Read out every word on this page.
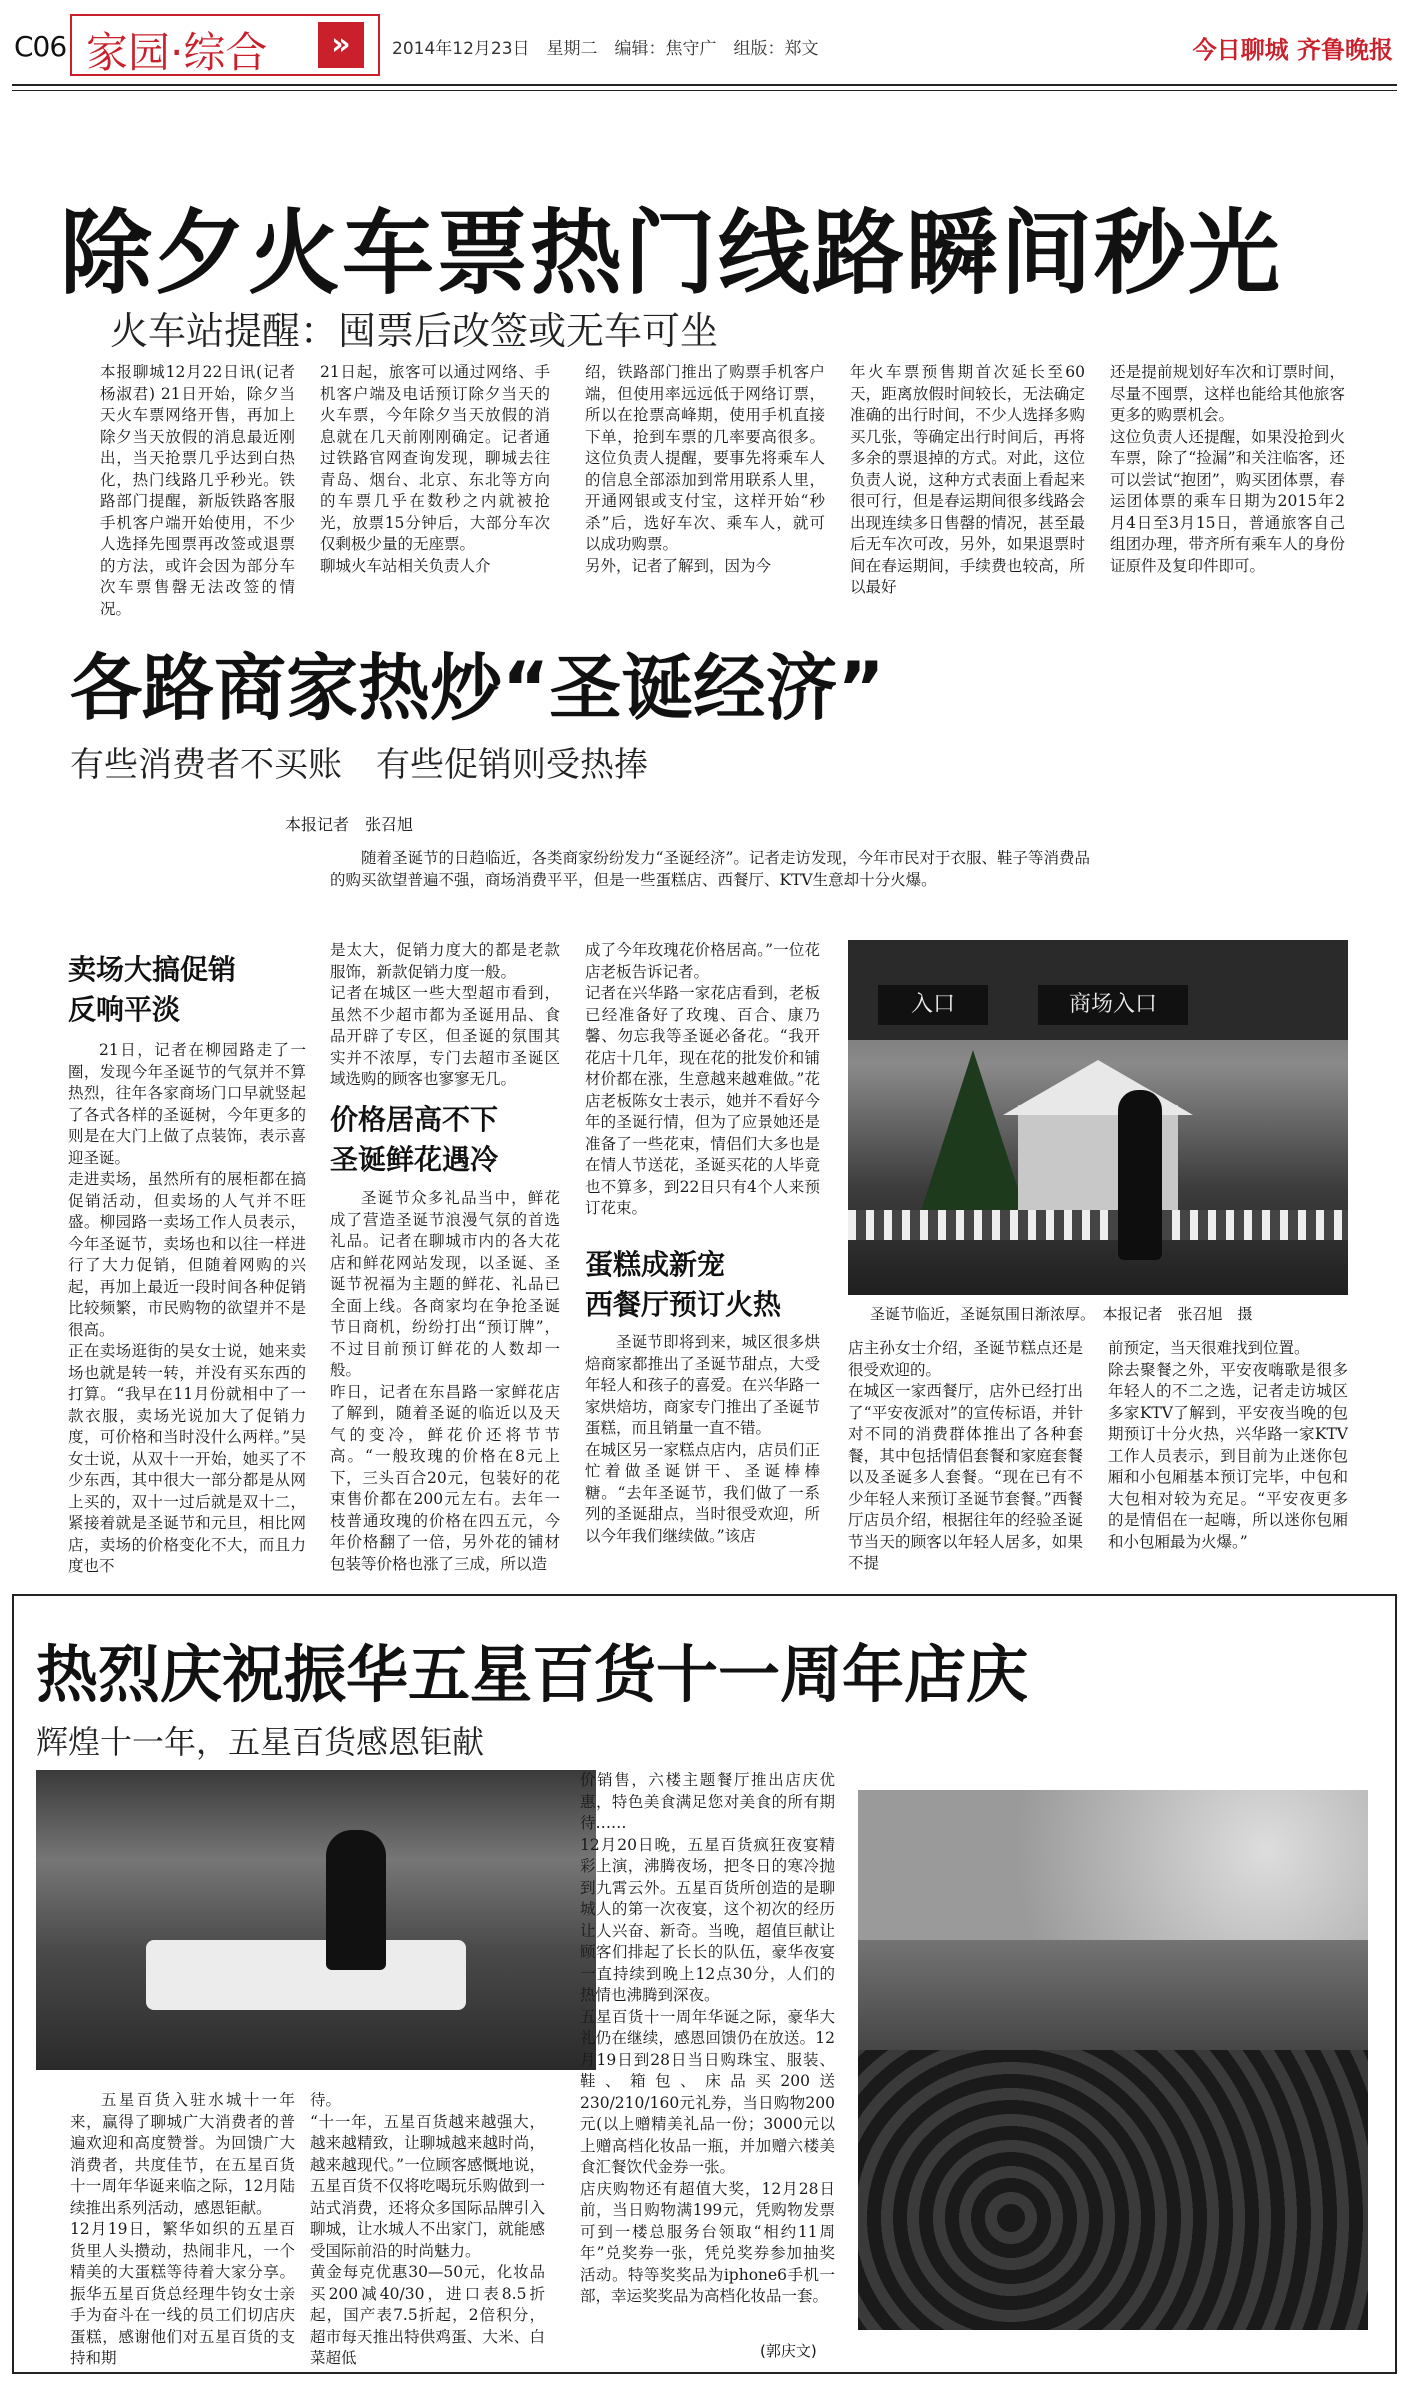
C06 家园·综合	»	2014年12月23日　星期二　编辑：焦守广　组版：郑文	今日聊城 齐鲁晚报
除夕火车票热门线路瞬间秒光
火车站提醒：囤票后改签或无车可坐
本报聊城12月22日讯(记者 杨淑君) 21日开始，除夕当天火车票网络开售，再加上除夕当天放假的消息最近刚出，当天抢票几乎达到白热化，热门线路几乎秒光。铁路部门提醒，新版铁路客服手机客户端开始使用，不少人选择先囤票再改签或退票的方法，或许会因为部分车次车票售罄无法改签的情况。
21日起，旅客可以通过网络、手机客户端及电话预订除夕当天的火车票，今年除夕当天放假的消息就在几天前刚刚确定。记者通过铁路官网查询发现，聊城去往青岛、烟台、北京、东北等方向的车票几乎在数秒之内就被抢光，放票15分钟后，大部分车次仅剩极少量的无座票。
聊城火车站相关负责人介
绍，铁路部门推出了购票手机客户端，但使用率远远低于网络订票，所以在抢票高峰期，使用手机直接下单，抢到车票的几率要高很多。这位负责人提醒，要事先将乘车人的信息全部添加到常用联系人里，开通网银或支付宝，这样开始“秒杀”后，选好车次、乘车人，就可以成功购票。
另外，记者了解到，因为今
年火车票预售期首次延长至60天，距离放假时间较长，无法确定准确的出行时间，不少人选择多购买几张，等确定出行时间后，再将多余的票退掉的方式。对此，这位负责人说，这种方式表面上看起来很可行，但是春运期间很多线路会出现连续多日售罄的情况，甚至最后无车次可改，另外，如果退票时间在春运期间，手续费也较高，所以最好
还是提前规划好车次和订票时间，尽量不囤票，这样也能给其他旅客更多的购票机会。
这位负责人还提醒，如果没抢到火车票，除了“捡漏”和关注临客，还可以尝试“抱团”，购买团体票，春运团体票的乘车日期为2015年2月4日至3月15日，普通旅客自己组团办理，带齐所有乘车人的身份证原件及复印件即可。
各路商家热炒“圣诞经济”
有些消费者不买账　有些促销则受热捧
本报记者　张召旭
随着圣诞节的日趋临近，各类商家纷纷发力“圣诞经济”。记者走访发现，今年市民对于衣服、鞋子等消费品的购买欲望普遍不强，商场消费平平，但是一些蛋糕店、西餐厅、KTV生意却十分火爆。
卖场大搞促销
反响平淡
21日，记者在柳园路走了一圈，发现今年圣诞节的气氛并不算热烈，往年各家商场门口早就竖起了各式各样的圣诞树，今年更多的则是在大门上做了点装饰，表示喜迎圣诞。
走进卖场，虽然所有的展柜都在搞促销活动，但卖场的人气并不旺盛。柳园路一卖场工作人员表示，今年圣诞节，卖场也和以往一样进行了大力促销，但随着网购的兴起，再加上最近一段时间各种促销比较频繁，市民购物的欲望并不是很高。
正在卖场逛街的吴女士说，她来卖场也就是转一转，并没有买东西的打算。“我早在11月份就相中了一款衣服，卖场光说加大了促销力度，可价格和当时没什么两样。”吴女士说，从双十一开始，她买了不少东西，其中很大一部分都是从网上买的，双十一过后就是双十二，紧接着就是圣诞节和元旦，相比网店，卖场的价格变化不大，而且力度也不
是太大，促销力度大的都是老款服饰，新款促销力度一般。
记者在城区一些大型超市看到，虽然不少超市都为圣诞用品、食品开辟了专区，但圣诞的氛围其实并不浓厚，专门去超市圣诞区域选购的顾客也寥寥无几。
价格居高不下
圣诞鲜花遇冷
圣诞节众多礼品当中，鲜花成了营造圣诞节浪漫气氛的首选礼品。记者在聊城市内的各大花店和鲜花网站发现，以圣诞、圣诞节祝福为主题的鲜花、礼品已全面上线。各商家均在争抢圣诞节日商机，纷纷打出“预订牌”，不过目前预订鲜花的人数却一般。
昨日，记者在东昌路一家鲜花店了解到，随着圣诞的临近以及天气的变冷，鲜花价还将节节高。“一般玫瑰的价格在8元上下，三头百合20元，包装好的花束售价都在200元左右。去年一枝普通玫瑰的价格在四五元，今年价格翻了一倍，另外花的铺材包装等价格也涨了三成，所以造
成了今年玫瑰花价格居高。”一位花店老板告诉记者。
记者在兴华路一家花店看到，老板已经准备好了玫瑰、百合、康乃馨、勿忘我等圣诞必备花。“我开花店十几年，现在花的批发价和铺材价都在涨，生意越来越难做。”花店老板陈女士表示，她并不看好今年的圣诞行情，但为了应景她还是准备了一些花束，情侣们大多也是在情人节送花，圣诞买花的人毕竟也不算多，到22日只有4个人来预订花束。
蛋糕成新宠
西餐厅预订火热
圣诞节即将到来，城区很多烘焙商家都推出了圣诞节甜点，大受年轻人和孩子的喜爱。在兴华路一家烘焙坊，商家专门推出了圣诞节蛋糕，而且销量一直不错。
在城区另一家糕点店内，店员们正忙着做圣诞饼干、圣诞棒棒糖。“去年圣诞节，我们做了一系列的圣诞甜点，当时很受欢迎，所以今年我们继续做。”该店
入口	商场入口
圣诞节临近，圣诞氛围日渐浓厚。　本报记者　张召旭　摄
店主孙女士介绍，圣诞节糕点还是很受欢迎的。
在城区一家西餐厅，店外已经打出了“平安夜派对”的宣传标语，并针对不同的消费群体推出了各种套餐，其中包括情侣套餐和家庭套餐以及圣诞多人套餐。“现在已有不少年轻人来预订圣诞节套餐。”西餐厅店员介绍，根据往年的经验圣诞节当天的顾客以年轻人居多，如果不提
前预定，当天很难找到位置。
除去聚餐之外，平安夜嗨歌是很多年轻人的不二之选，记者走访城区多家KTV了解到，平安夜当晚的包期预订十分火热，兴华路一家KTV工作人员表示，到目前为止迷你包厢和小包厢基本预订完毕，中包和大包相对较为充足。“平安夜更多的是情侣在一起嗨，所以迷你包厢和小包厢最为火爆。”
热烈庆祝振华五星百货十一周年店庆
辉煌十一年，五星百货感恩钜献
五星百货入驻水城十一年来，赢得了聊城广大消费者的普遍欢迎和高度赞誉。为回馈广大消费者，共度佳节，在五星百货十一周年华诞来临之际，12月陆续推出系列活动，感恩钜献。
12月19日，繁华如织的五星百货里人头攒动，热闹非凡，一个精美的大蛋糕等待着大家分享。振华五星百货总经理牛钧女士亲手为奋斗在一线的员工们切店庆蛋糕，感谢他们对五星百货的支持和期
待。
“十一年，五星百货越来越强大，越来越精致，让聊城越来越时尚，越来越现代。”一位顾客感慨地说，五星百货不仅将吃喝玩乐购做到一站式消费，还将众多国际品牌引入聊城，让水城人不出家门，就能感受国际前沿的时尚魅力。
黄金每克优惠30—50元，化妆品买200减40/30，进口表8.5折起，国产表7.5折起，2倍积分，超市每天推出特供鸡蛋、大米、白菜超低
价销售，六楼主题餐厅推出店庆优惠，特色美食满足您对美食的所有期待……
12月20日晚，五星百货疯狂夜宴精彩上演，沸腾夜场，把冬日的寒冷抛到九霄云外。五星百货所创造的是聊城人的第一次夜宴，这个初次的经历让人兴奋、新奇。当晚，超值巨献让顾客们排起了长长的队伍，豪华夜宴一直持续到晚上12点30分，人们的热情也沸腾到深夜。
五星百货十一周年华诞之际，豪华大礼仍在继续，感恩回馈仍在放送。12月19日到28日当日购珠宝、服装、鞋、箱包、床品买200送230/210/160元礼券，当日购物200元(以上赠精美礼品一份；3000元以上赠高档化妆品一瓶，并加赠六楼美食汇餐饮代金券一张。
店庆购物还有超值大奖，12月28日前，当日购物满199元，凭购物发票可到一楼总服务台领取“相约11周年”兑奖券一张，凭兑奖券参加抽奖活动。特等奖奖品为iphone6手机一部，幸运奖奖品为高档化妆品一套。
(郭庆文)
